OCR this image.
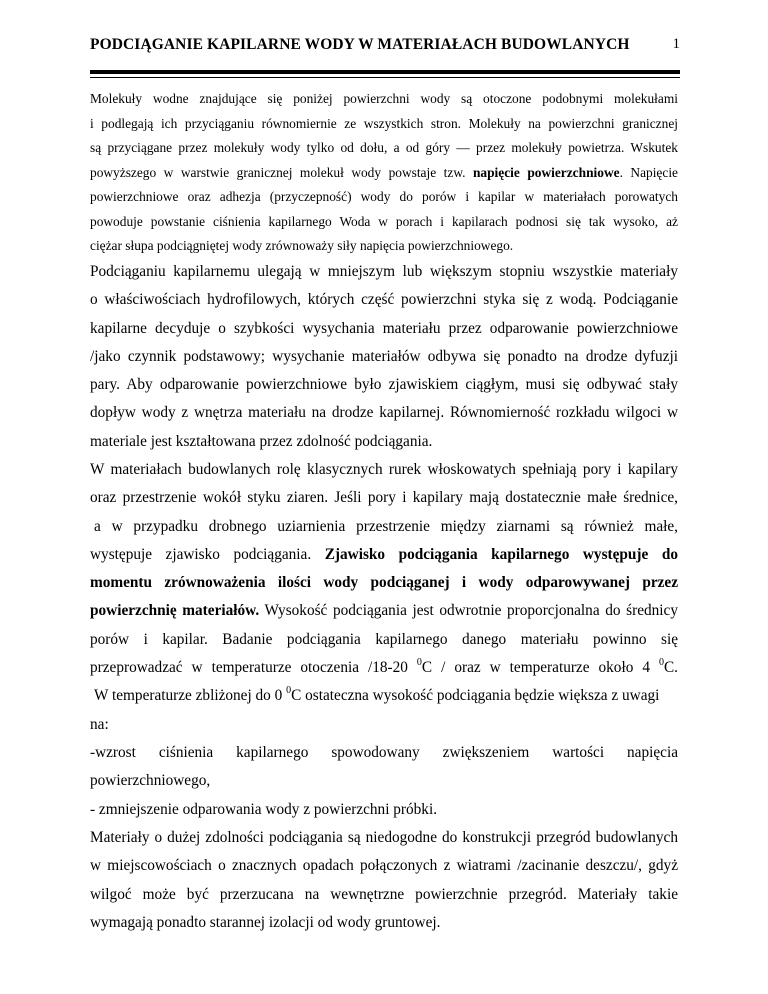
PODCIĄGANIE KAPILARNE WODY W MATERIAŁACH BUDOWLANYCH	1
Molekuły wodne znajdujące się poniżej powierzchni wody są otoczone podobnymi molekułami
i podlegają ich przyciąganiu równomiernie ze wszystkich stron. Molekuły na powierzchni granicznej
są przyciągane przez molekuły wody tylko od dołu, a od góry — przez molekuły powietrza. Wskutek
powyższego w warstwie granicznej molekuł wody powstaje tzw. napięcie powierzchniowe. Napięcie
powierzchniowe oraz adhezja (przyczepność) wody do porów i kapilar w materiałach porowatych
powoduje powstanie ciśnienia kapilarnego Woda w porach i kapilarach podnosi się tak wysoko, aż
ciężar słupa podciągniętej wody zrównoważy siły napięcia powierzchniowego.
Podciąganiu kapilarnemu ulegają w mniejszym lub większym stopniu wszystkie materiały
o właściwościach hydrofilowych, których część powierzchni styka się z wodą. Podciąganie
kapilarne decyduje o szybkości wysychania materiału przez odparowanie powierzchniowe
/jako czynnik podstawowy; wysychanie materiałów odbywa się ponadto na drodze dyfuzji
pary. Aby odparowanie powierzchniowe było zjawiskiem ciągłym, musi się odbywać stały
dopływ wody z wnętrza materiału na drodze kapilarnej. Równomierność rozkładu wilgoci w
materiale jest kształtowana przez zdolność podciągania.
W materiałach budowlanych rolę klasycznych rurek włoskowatych spełniają pory i kapilary
oraz przestrzenie wokół styku ziaren. Jeśli pory i kapilary mają dostatecznie małe średnice,
a w przypadku drobnego uziarnienia przestrzenie między ziarnami są również małe,
występuje zjawisko podciągania. Zjawisko podciągania kapilarnego występuje do
momentu zrównoważenia ilości wody podciąganej i wody odparowywanej przez
powierzchnię materiałów. Wysokość podciągania jest odwrotnie proporcjonalna do średnicy
porów i kapilar. Badanie podciągania kapilarnego danego materiału powinno się
przeprowadzać w temperaturze otoczenia /18-20 $^0$C / oraz w temperaturze około 4 $^0$C.
W temperaturze zbliżonej do 0 $^0$C ostateczna wysokość podciągania będzie większa z uwagi
na:
-wzrost ciśnienia kapilarnego spowodowany zwiększeniem wartości napięcia
powierzchniowego,
- zmniejszenie odparowania wody z powierzchni próbki.
Materiały o dużej zdolności podciągania są niedogodne do konstrukcji przegród budowlanych
w miejscowościach o znacznych opadach połączonych z wiatrami /zacinanie deszczu/, gdyż
wilgoć może być przerzucana na wewnętrzne powierzchnie przegród. Materiały takie
wymagają ponadto starannej izolacji od wody gruntowej.
